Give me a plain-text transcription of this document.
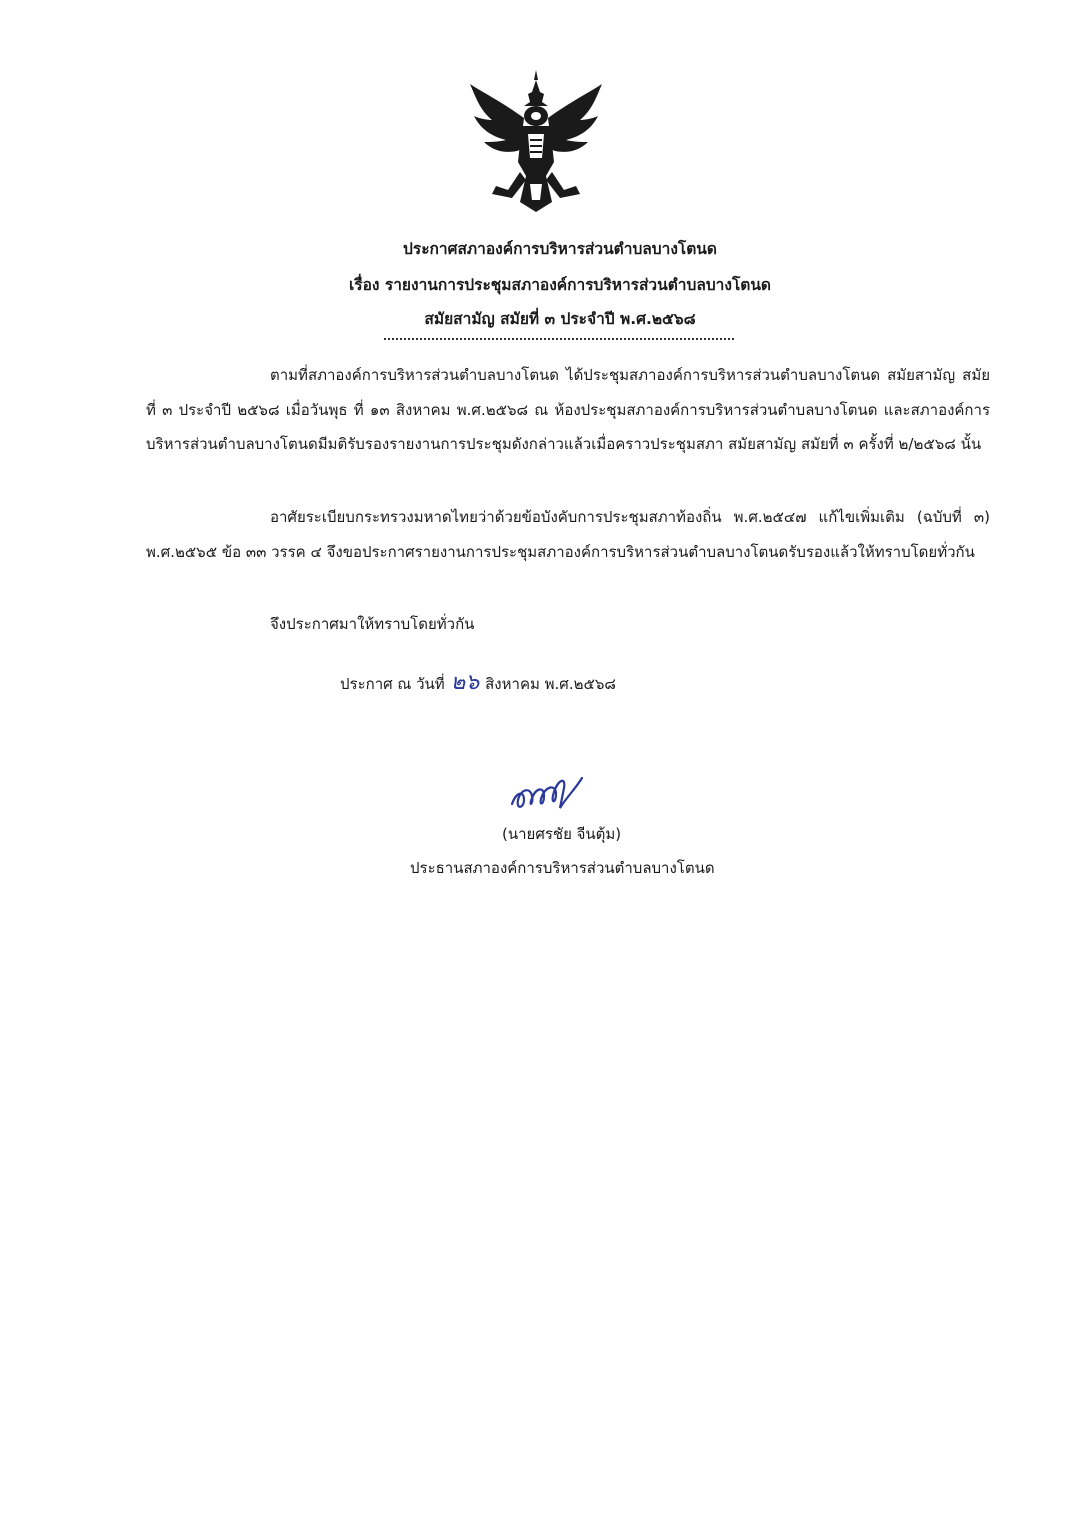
ประกาศสภาองค์การบริหารส่วนตำบลบางโตนด
เรื่อง รายงานการประชุมสภาองค์การบริหารส่วนตำบลบางโตนด
สมัยสามัญ สมัยที่ ๓ ประจำปี พ.ศ.๒๕๖๘
ตามที่สภาองค์การบริหารส่วนตำบลบางโตนด ได้ประชุมสภาองค์การบริหารส่วนตำบลบางโตนด สมัยสามัญ สมัยที่ ๓ ประจำปี ๒๕๖๘ เมื่อวันพุธ ที่ ๑๓ สิงหาคม พ.ศ.๒๕๖๘ ณ ห้องประชุมสภาองค์การบริหารส่วนตำบลบางโตนด และสภาองค์การบริหารส่วนตำบลบางโตนดมีมติรับรองรายงานการประชุมดังกล่าวแล้วเมื่อคราวประชุมสภา สมัยสามัญ สมัยที่ ๓ ครั้งที่ ๒/๒๕๖๘ นั้น
อาศัยระเบียบกระทรวงมหาดไทยว่าด้วยข้อบังคับการประชุมสภาท้องถิ่น พ.ศ.๒๕๔๗ แก้ไขเพิ่มเติม (ฉบับที่ ๓) พ.ศ.๒๕๖๕ ข้อ ๓๓ วรรค ๔ จึงขอประกาศรายงานการประชุมสภาองค์การบริหารส่วนตำบลบางโตนดรับรองแล้วให้ทราบโดยทั่วกัน
จึงประกาศมาให้ทราบโดยทั่วกัน
ประกาศ ณ วันที่ ๒๖ สิงหาคม พ.ศ.๒๕๖๘
(นายศรชัย จีนตุ้ม)
ประธานสภาองค์การบริหารส่วนตำบลบางโตนด
